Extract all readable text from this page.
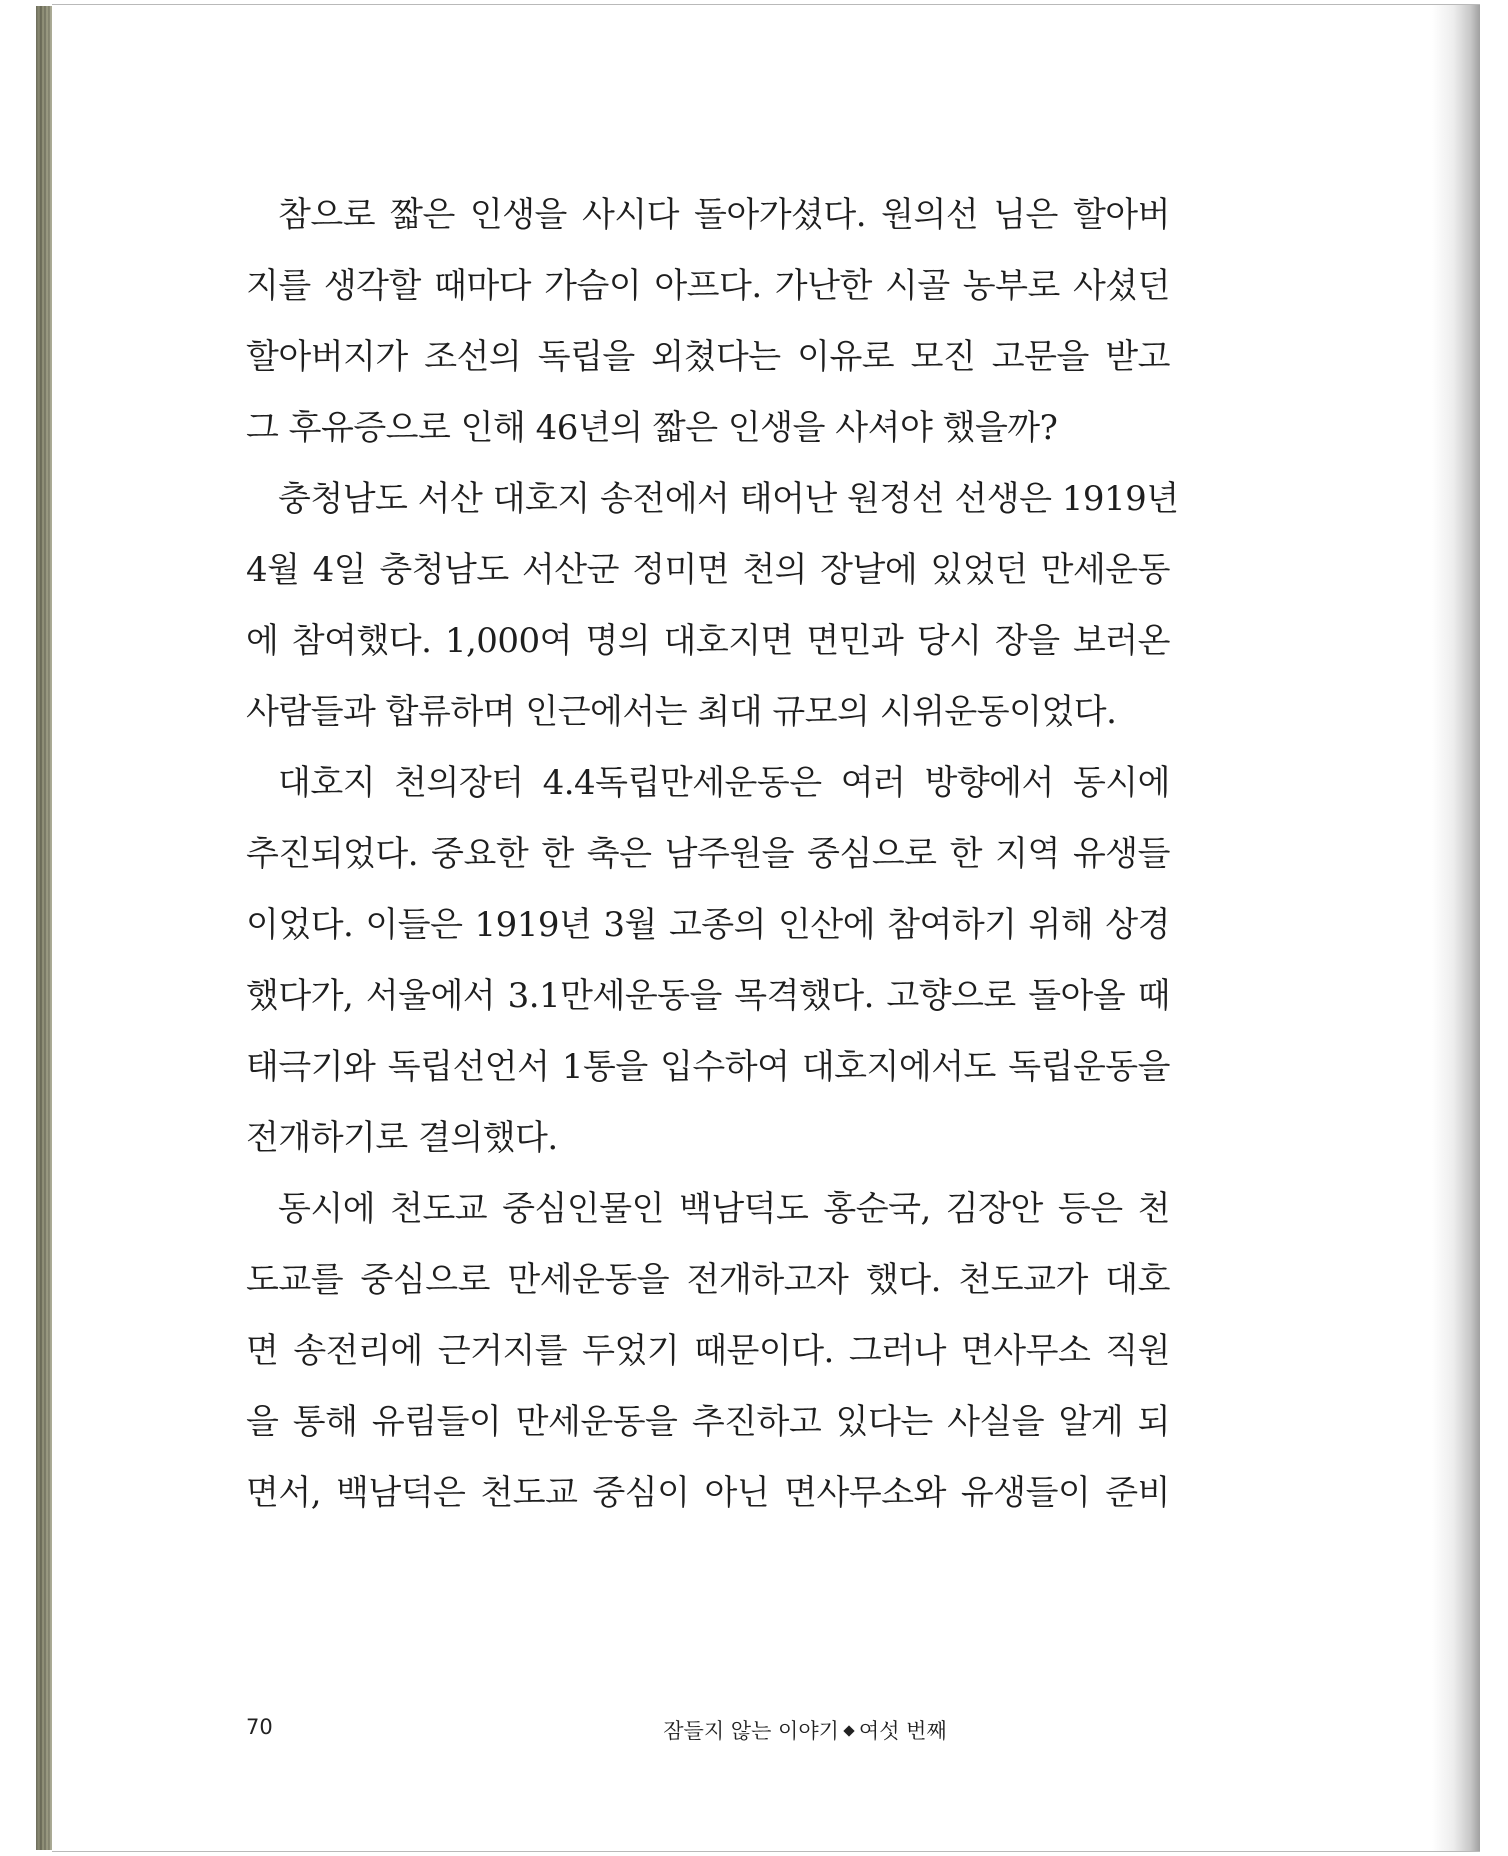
참으로 짧은 인생을 사시다 돌아가셨다. 원의선 님은 할아버
지를 생각할 때마다 가슴이 아프다. 가난한 시골 농부로 사셨던
할아버지가 조선의 독립을 외쳤다는 이유로 모진 고문을 받고
그 후유증으로 인해 46년의 짧은 인생을 사셔야 했을까?
충청남도 서산 대호지 송전에서 태어난 원정선 선생은 1919년
4월 4일 충청남도 서산군 정미면 천의 장날에 있었던 만세운동
에 참여했다. 1,000여 명의 대호지면 면민과 당시 장을 보러온
사람들과 합류하며 인근에서는 최대 규모의 시위운동이었다.
대호지 천의장터 4.4독립만세운동은 여러 방향에서 동시에
추진되었다. 중요한 한 축은 남주원을 중심으로 한 지역 유생들
이었다. 이들은 1919년 3월 고종의 인산에 참여하기 위해 상경
했다가, 서울에서 3.1만세운동을 목격했다. 고향으로 돌아올 때
태극기와 독립선언서 1통을 입수하여 대호지에서도 독립운동을
전개하기로 결의했다.
동시에 천도교 중심인물인 백남덕도 홍순국, 김장안 등은 천
도교를 중심으로 만세운동을 전개하고자 했다. 천도교가 대호
면 송전리에 근거지를 두었기 때문이다. 그러나 면사무소 직원
을 통해 유림들이 만세운동을 추진하고 있다는 사실을 알게 되
면서, 백남덕은 천도교 중심이 아닌 면사무소와 유생들이 준비
70	잠들지 않는 이야기 여섯 번째
